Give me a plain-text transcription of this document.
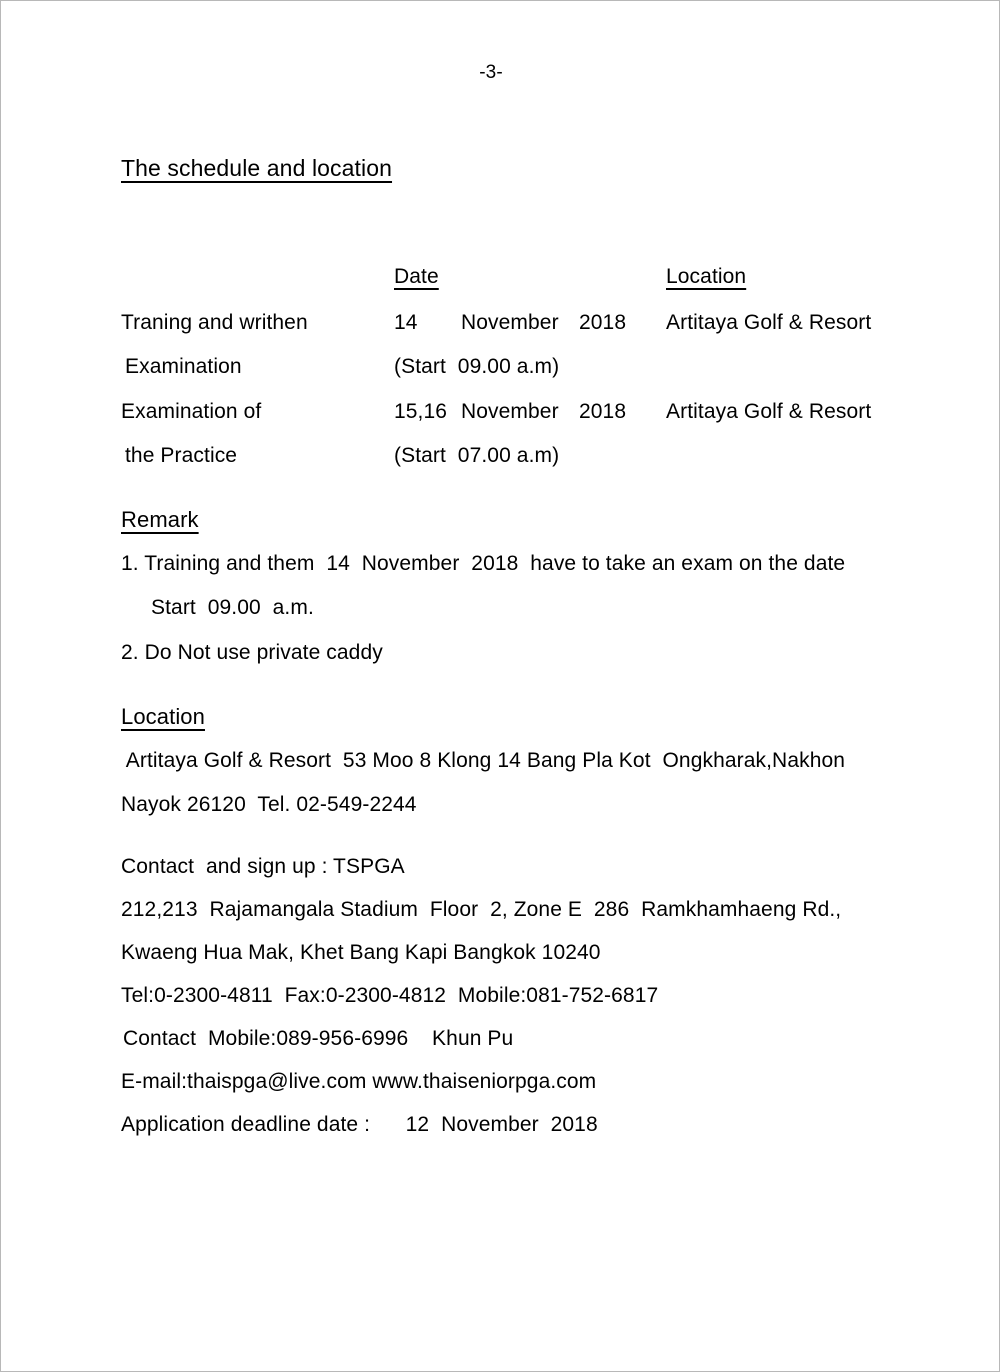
-3-
The schedule and location
Date	Location
Traning and writhen
Examination
14 November 2018
(Start  09.00 a.m)
Artitaya Golf & Resort
Examination of
the Practice
15,16 November 2018
(Start  07.00 a.m)
Artitaya Golf & Resort
Remark
1. Training and them  14  November  2018  have to take an exam on the date
Start  09.00  a.m.
2. Do Not use private caddy
Location
Artitaya Golf & Resort  53 Moo 8 Klong 14 Bang Pla Kot  Ongkharak,Nakhon
Nayok 26120  Tel. 02-549-2244
Contact  and sign up : TSPGA
212,213  Rajamangala Stadium  Floor  2, Zone E  286  Ramkhamhaeng Rd.,
Kwaeng Hua Mak, Khet Bang Kapi Bangkok 10240
Tel:0-2300-4811  Fax:0-2300-4812  Mobile:081-752-6817
Contact  Mobile:089-956-6996    Khun Pu
E-mail:thaispga@live.com www.thaiseniorpga.com
Application deadline date :      12  November  2018
